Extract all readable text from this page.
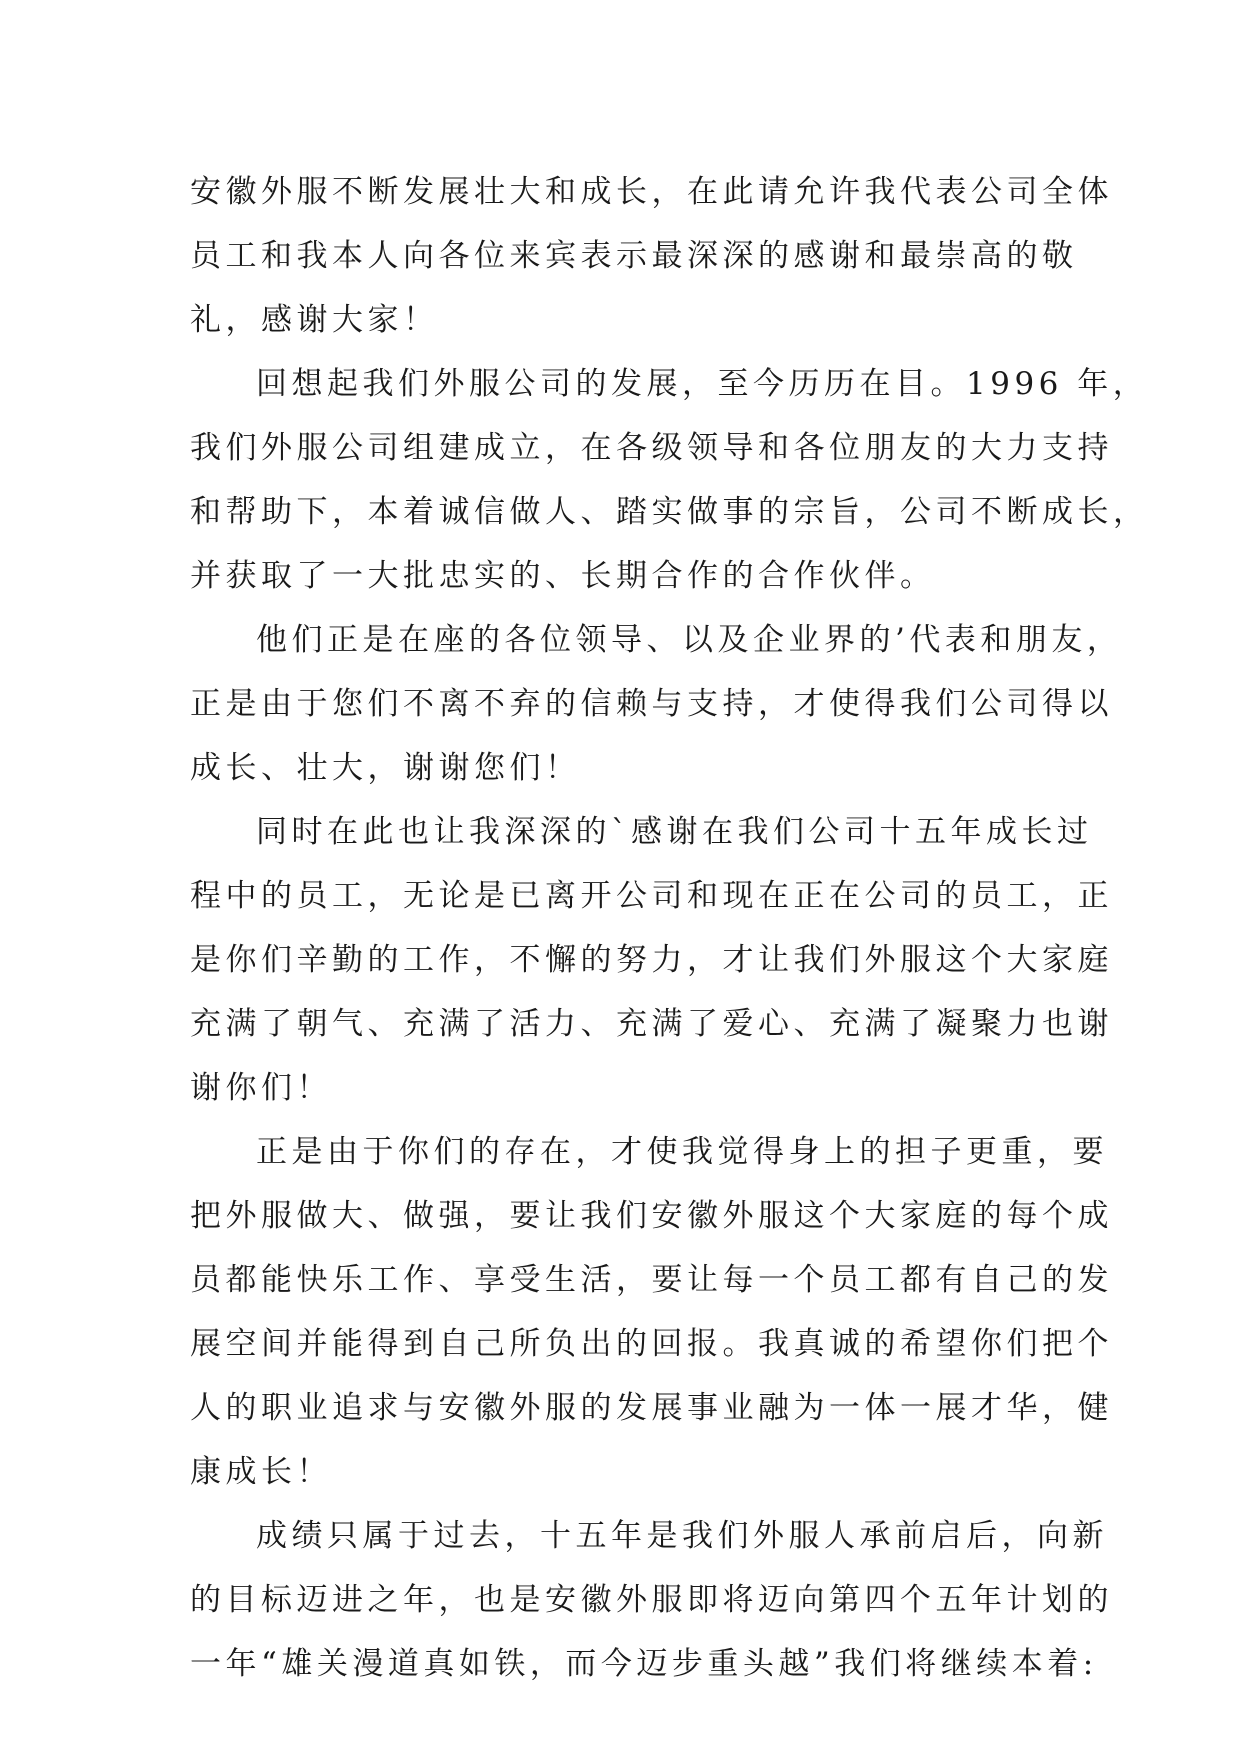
安徽外服不断发展壮大和成长，在此请允许我代表公司全体
员工和我本人向各位来宾表示最深深的感谢和最崇高的敬
礼，感谢大家！
回想起我们外服公司的发展，至今历历在目。1996 年，
我们外服公司组建成立，在各级领导和各位朋友的大力支持
和帮助下，本着诚信做人、踏实做事的宗旨，公司不断成长，
并获取了一大批忠实的、长期合作的合作伙伴。
他们正是在座的各位领导、以及企业界的’代表和朋友，
正是由于您们不离不弃的信赖与支持，才使得我们公司得以
成长、壮大，谢谢您们！
同时在此也让我深深的`感谢在我们公司十五年成长过
程中的员工，无论是已离开公司和现在正在公司的员工，正
是你们辛勤的工作，不懈的努力，才让我们外服这个大家庭
充满了朝气、充满了活力、充满了爱心、充满了凝聚力也谢
谢你们！
正是由于你们的存在，才使我觉得身上的担子更重，要
把外服做大、做强，要让我们安徽外服这个大家庭的每个成
员都能快乐工作、享受生活，要让每一个员工都有自己的发
展空间并能得到自己所负出的回报。我真诚的希望你们把个
人的职业追求与安徽外服的发展事业融为一体一展才华，健
康成长！
成绩只属于过去，十五年是我们外服人承前启后，向新
的目标迈进之年，也是安徽外服即将迈向第四个五年计划的
一年“雄关漫道真如铁，而今迈步重头越”我们将继续本着:
